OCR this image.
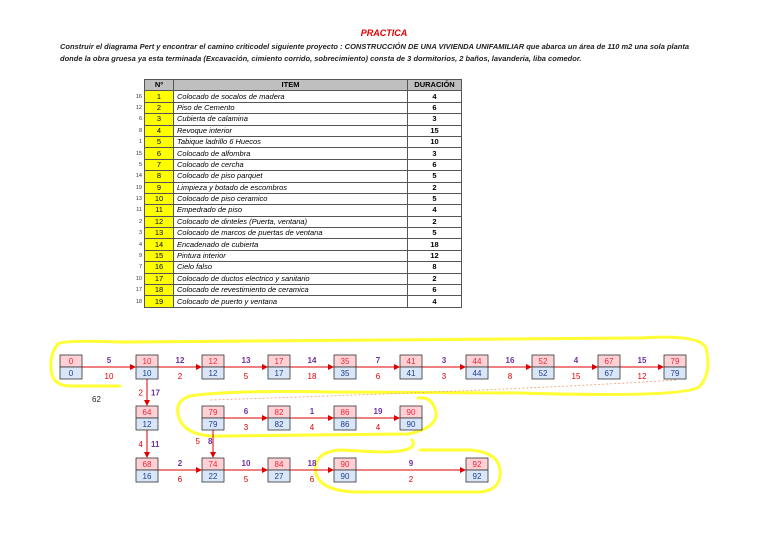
PRACTICA

Construir el diagrama Pert y encontrar el camino criticodel siguiente proyecto : CONSTRUCCIÓN DE UNA VIVIENDA UNIFAMILIAR que abarca un área de 110 m2 una sola planta donde la obra gruesa ya esta terminada (Excavación, cimiento corrido, sobrecimiento) consta de 3 dormitorios, 2 baños, lavanderia, liba comedor.

	Nº	ITEM	DURACIÓN
16	1	Colocado de socalos de madera	4
12	2	Piso de Cemento	6
6	3	Cubierta de calamina	3
8	4	Revoque interior	15
1	5	Tabique ladrillo 6 Huecos	10
15	6	Colocado de alfombra	3
5	7	Colocado de cercha	6
14	8	Colocado de piso parquet	5
19	9	Limpieza y botado de escombros	2
13	10	Colocado de piso ceramico	5
11	11	Empedrado de piso	4
2	12	Colocado de dinteles (Puerta, ventana)	2
3	13	Colocado de marcos de puertas de ventana	5
4	14	Encadenado de cubierta	18
9	15	Pintura interior	12
7	16	Cielo falso	8
10	17	Colocado de ductos electrico y sanitario	2
17	18	Colocado de revestimiento de ceramica	6
18	19	Colocado de puerto y ventana	4
5
10
12
2
13
5
14
18
7
6
3
3
16
8
4
15
15
12
2 17
4 11
6
3
1
4
19
4
2
6
10
5
18
6
9
2
5 8
62
0
0
10
10
12
12
17
17
35
35
41
41
44
44
52
52
67
67
79
79
64
12
79
79
82
82
86
86
90
90
68
16
74
22
84
27
90
90
92
92
